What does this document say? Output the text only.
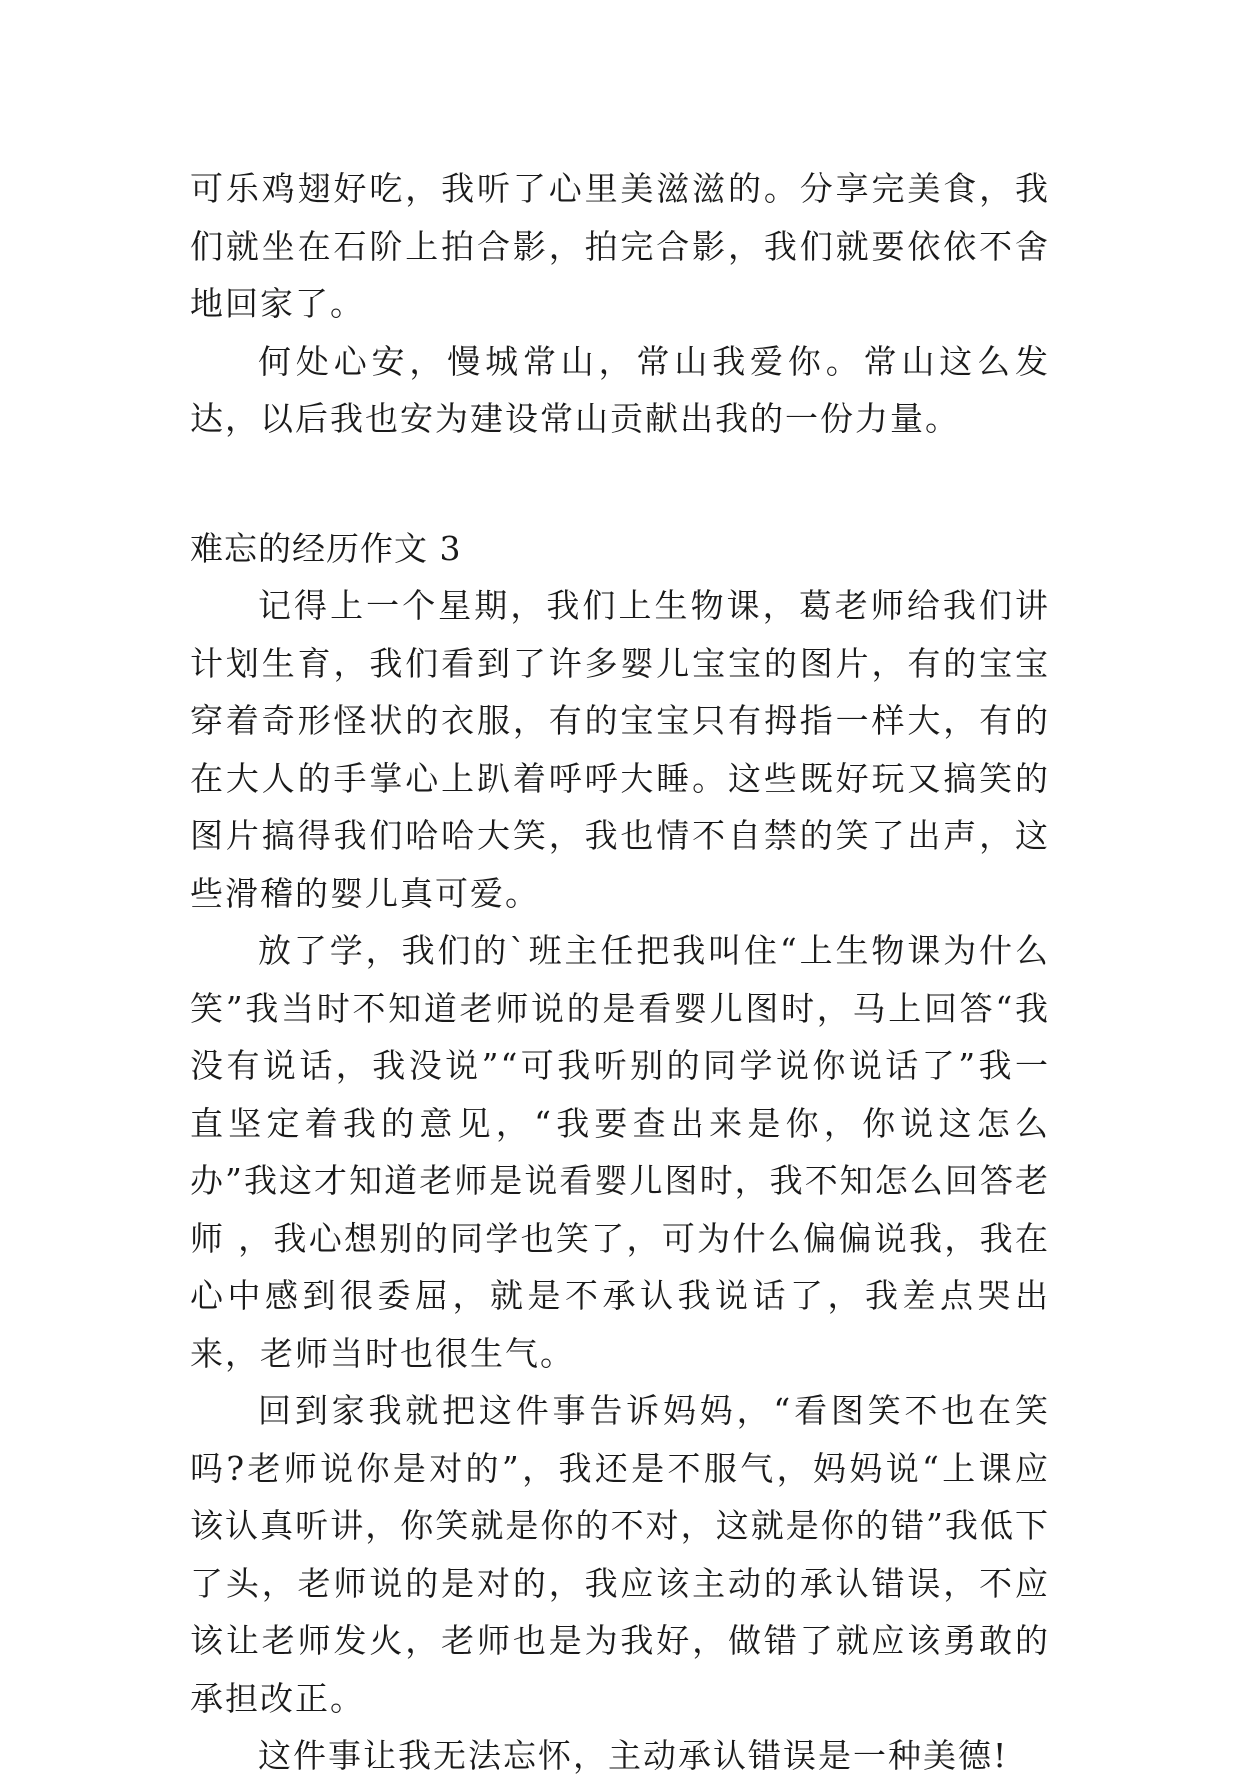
可乐鸡翅好吃，我听了心里美滋滋的。分享完美食，我们就坐在石阶上拍合影，拍完合影，我们就要依依不舍地回家了。

何处心安，慢城常山，常山我爱你。常山这么发达，以后我也安为建设常山贡献出我的一份力量。

难忘的经历作文 3

记得上一个星期，我们上生物课，葛老师给我们讲计划生育，我们看到了许多婴儿宝宝的图片，有的宝宝穿着奇形怪状的衣服，有的宝宝只有拇指一样大，有的在大人的手掌心上趴着呼呼大睡。这些既好玩又搞笑的图片搞得我们哈哈大笑，我也情不自禁的笑了出声，这些滑稽的婴儿真可爱。

放了学，我们的`班主任把我叫住“上生物课为什么笑”我当时不知道老师说的是看婴儿图时，马上回答“我没有说话，我没说”“可我听别的同学说你说话了”我一直坚定着我的意见，“我要查出来是你，你说这怎么办”我这才知道老师是说看婴儿图时，我不知怎么回答老师 ，我心想别的同学也笑了，可为什么偏偏说我，我在心中感到很委屈，就是不承认我说话了，我差点哭出来，老师当时也很生气。

回到家我就把这件事告诉妈妈，“看图笑不也在笑吗?老师说你是对的”，我还是不服气，妈妈说“上课应该认真听讲，你笑就是你的不对，这就是你的错”我低下了头，老师说的是对的，我应该主动的承认错误，不应该让老师发火，老师也是为我好，做错了就应该勇敢的承担改正。

这件事让我无法忘怀，主动承认错误是一种美德!
